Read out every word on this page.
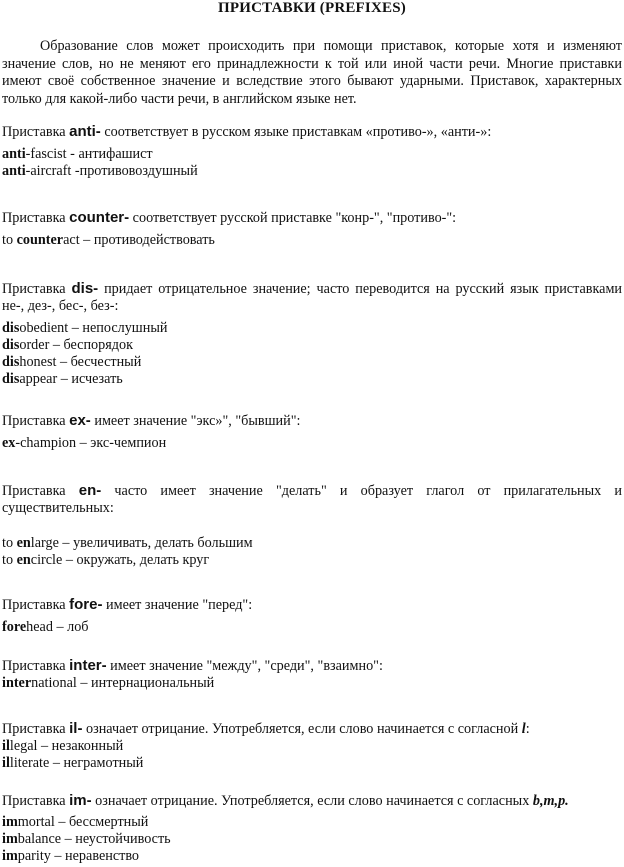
ПРИСТАВКИ (PREFIXES)

Образование слов может происходить при помощи приставок, которые хотя и изменяют значение слов, но не меняют его принадлежности к той или иной части речи. Многие приставки имеют своё собственное значение и вследствие этого бывают ударными. Приставок, характерных только для какой-либо части речи, в английском языке нет.

Приставка anti- соответствует в русском языке приставкам «противо-», «анти-»:

anti-fascist - антифашист

anti-aircraft -противовоздушный

Приставка counter- соответствует русской приставке "конр-", "противо-":

to counteract – противодействовать

Приставка dis- придает отрицательное значение; часто переводится на русский язык приставками не-, дез-, бес-, без-:

disobedient – непослушный

disorder – беспорядок

dishonest – бесчестный

disappear – исчезать

Приставка ex- имеет значение "экс»", "бывший":

ex-champion – экс-чемпион

Приставка en- часто имеет значение "делать" и образует глагол от прилагательных и существительных:

to enlarge – увеличивать, делать большим

to encircle – окружать, делать круг

Приставка fore- имеет значение "перед":

forehead – лоб

Приставка inter- имеет значение "между", "среди", "взаимно":

international – интернациональный

Приставка il- означает отрицание. Употребляется, если слово начинается с согласной l:

illegal – незаконный

illiterate – неграмотный

Приставка im- означает отрицание. Употребляется, если слово начинается с согласных b,m,p.

immortal – бессмертный

imbalance – неустойчивость

imparity – неравенство
